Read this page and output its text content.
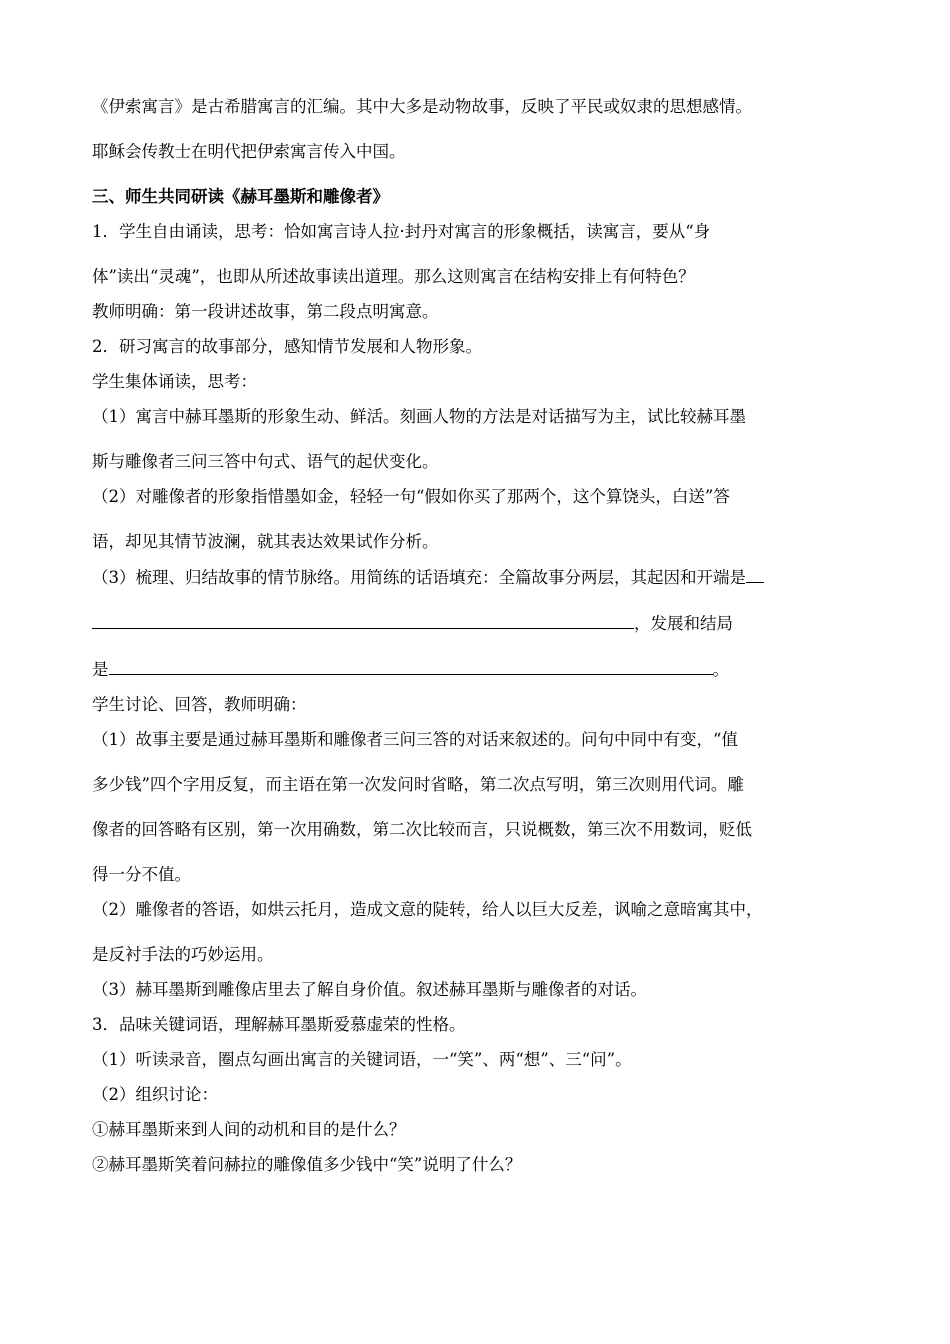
《伊索寓言》是古希腊寓言的汇编。其中大多是动物故事，反映了平民或奴隶的思想感情。

耶稣会传教士在明代把伊索寓言传入中国。

三、师生共同研读《赫耳墨斯和雕像者》

1．学生自由诵读，思考：恰如寓言诗人拉·封丹对寓言的形象概括，读寓言，要从“身

体”读出“灵魂”，也即从所述故事读出道理。那么这则寓言在结构安排上有何特色？

教师明确：第一段讲述故事，第二段点明寓意。

2．研习寓言的故事部分，感知情节发展和人物形象。

学生集体诵读，思考：

（1）寓言中赫耳墨斯的形象生动、鲜活。刻画人物的方法是对话描写为主，试比较赫耳墨

斯与雕像者三问三答中句式、语气的起伏变化。

（2）对雕像者的形象指惜墨如金，轻轻一句“假如你买了那两个，这个算饶头，白送”答

语，却见其情节波澜，就其表达效果试作分析。

（3）梳理、归结故事的情节脉络。用简练的话语填充：全篇故事分两层，其起因和开端是

，发展和结局

是	。

学生讨论、回答，教师明确：

（1）故事主要是通过赫耳墨斯和雕像者三问三答的对话来叙述的。问句中同中有变，“值

多少钱”四个字用反复，而主语在第一次发问时省略，第二次点写明，第三次则用代词。雕

像者的回答略有区别，第一次用确数，第二次比较而言，只说概数，第三次不用数词，贬低

得一分不值。

（2）雕像者的答语，如烘云托月，造成文意的陡转，给人以巨大反差，讽喻之意暗寓其中，

是反衬手法的巧妙运用。

（3）赫耳墨斯到雕像店里去了解自身价值。叙述赫耳墨斯与雕像者的对话。

3．品味关键词语，理解赫耳墨斯爱慕虚荣的性格。

（1）听读录音，圈点勾画出寓言的关键词语，一“笑”、两“想”、三“问”。

（2）组织讨论：

①赫耳墨斯来到人间的动机和目的是什么？

②赫耳墨斯笑着问赫拉的雕像值多少钱中“笑”说明了什么？
